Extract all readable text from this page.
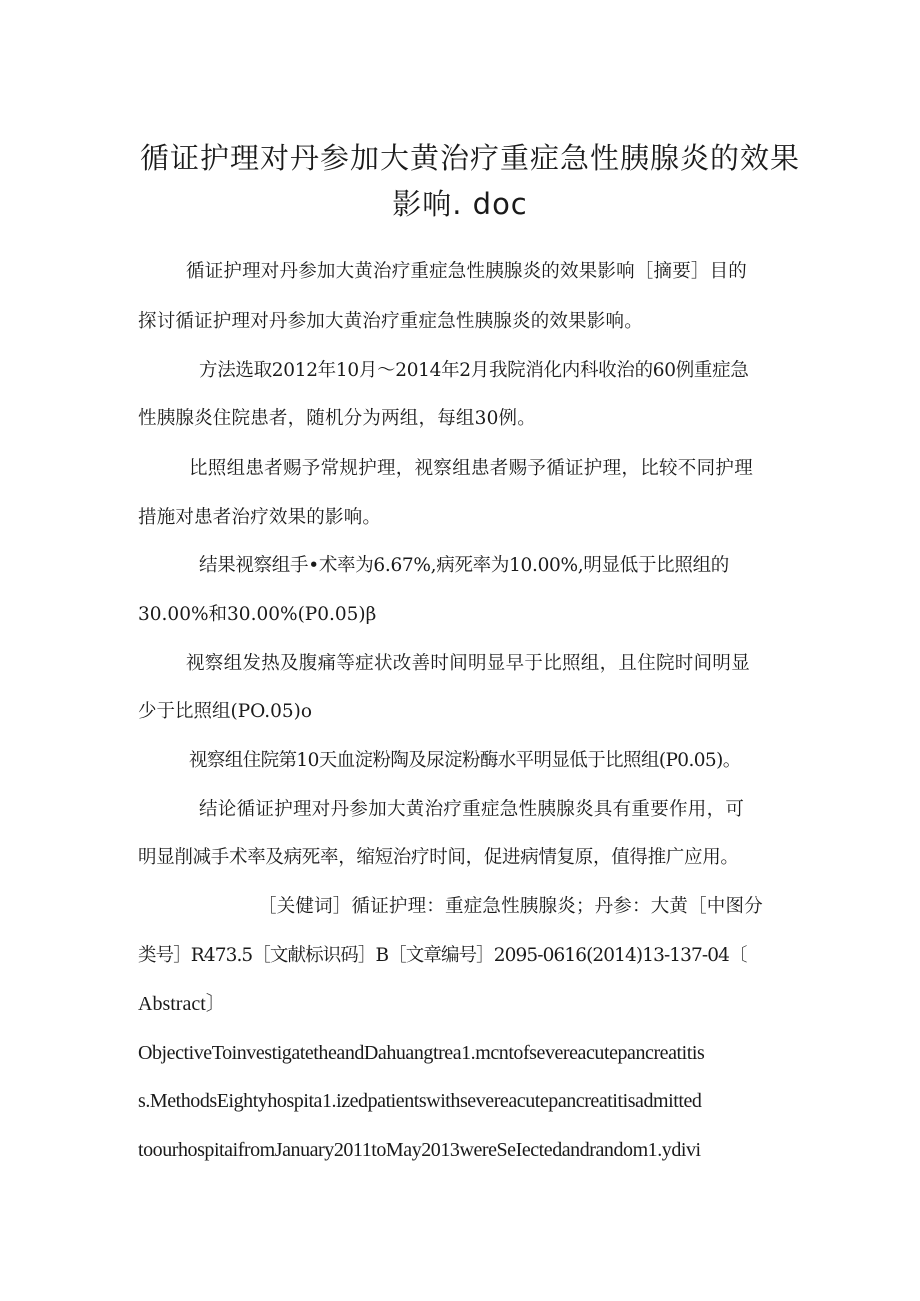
循证护理对丹参加大黄治疗重症急性胰腺炎的效果
影响. doc

循证护理对丹参加大黄治疗重症急性胰腺炎的效果影响［摘要］目的

探讨循证护理对丹参加大黄治疗重症急性胰腺炎的效果影响。

方法选取2012年10月～2014年2月我院消化内科收治的60例重症急

性胰腺炎住院患者，随机分为两组，每组30例。

比照组患者赐予常规护理，视察组患者赐予循证护理，比较不同护理

措施对患者治疗效果的影响。

结果视察组手•术率为6.67%,病死率为10.00%,明显低于比照组的

30.00%和30.00%(P0.05)β

视察组发热及腹痛等症状改善时间明显早于比照组，且住院时间明显

少于比照组(PO.05)o

视察组住院第10天血淀粉陶及尿淀粉酶水平明显低于比照组(P0.05)。

结论循证护理对丹参加大黄治疗重症急性胰腺炎具有重要作用，可

明显削减手术率及病死率，缩短治疗时间，促进病情复原，值得推广应用。

［关健词］循证护理：重症急性胰腺炎；丹参：大黄［中图分

类号］R473.5［文献标识码］B［文章编号］2095-0616(2014)13-137-04〔

Abstract〕

ObjectiveToinvestigatetheandDahuangtrea1.mcntofsevereacutepancreatitis

s.MethodsEightyhospita1.izedpatientswithsevereacutepancreatitisadmitted

toourhospitaifromJanuary2011toMay2013wereSeIectedandrandom1.ydivi
